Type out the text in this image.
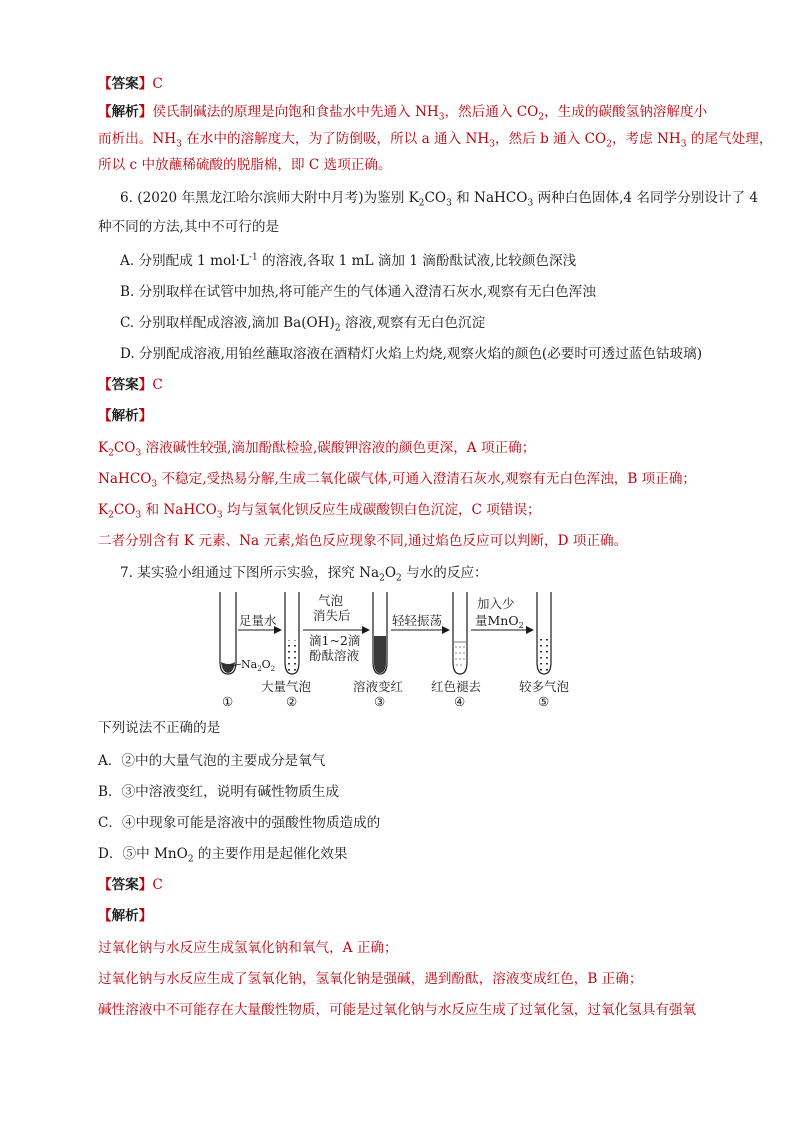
【答案】C
【解析】侯氏制碱法的原理是向饱和食盐水中先通入 $NH_3$，然后通入 $CO_2$，生成的碳酸氢钠溶解度小
而析出。$NH_3$ 在水中的溶解度大，为了防倒吸，所以 a 通入 $NH_3$，然后 b 通入 $CO_2$，考虑 $NH_3$ 的尾气处理，
所以 c 中放蘸稀硫酸的脱脂棉，即 C 选项正确。
6. (2020 年黑龙江哈尔滨师大附中月考)为鉴别 $K_2CO_3$ 和 NaHCO$_3$ 两种白色固体,4 名同学分别设计了 4
种不同的方法,其中不可行的是
A. 分别配成 1 $mol\cdot L^{-1}$ 的溶液,各取 1 mL 滴加 1 滴酚酞试液,比较颜色深浅
B. 分别取样在试管中加热,将可能产生的气体通入澄清石灰水,观察有无白色浑浊
C. 分别取样配成溶液,滴加 $Ba(OH)_2$ 溶液,观察有无白色沉淀
D. 分别配成溶液,用铂丝蘸取溶液在酒精灯火焰上灼烧,观察火焰的颜色(必要时可透过蓝色钴玻璃)
【答案】C
【解析】
$K_2CO_3$ 溶液碱性较强,滴加酚酞检验,碳酸钾溶液的颜色更深，A 项正确；
NaHCO$_3$ 不稳定,受热易分解,生成二氧化碳气体,可通入澄清石灰水,观察有无白色浑浊，B 项正确；
$K_2CO_3$ 和 NaHCO$_3$ 均与氢氧化钡反应生成碳酸钡白色沉淀，C 项错误；
二者分别含有 K 元素、Na 元素,焰色反应现象不同,通过焰色反应可以判断，D 项正确。
7. 某实验小组通过下图所示实验，探究 $Na_2O_2$ 与水的反应：
$Na_2O_2$
足量水
气泡
消失后
滴1~2滴
酚酞溶液
轻轻振荡
加入少
量MnO$_2$
大量气泡	溶液变红 红色褪去	较多气泡
①	②	③	④	⑤
下列说法不正确的是
A．②中的大量气泡的主要成分是氧气
B．③中溶液变红，说明有碱性物质生成
C．④中现象可能是溶液中的强酸性物质造成的
D．⑤中 MnO$_2$ 的主要作用是起催化效果
【答案】C
【解析】
过氧化钠与水反应生成氢氧化钠和氧气，A 正确；
过氧化钠与水反应生成了氢氧化钠，氢氧化钠是强碱，遇到酚酞，溶液变成红色，B 正确；
碱性溶液中不可能存在大量酸性物质，可能是过氧化钠与水反应生成了过氧化氢，过氧化氢具有强氧
